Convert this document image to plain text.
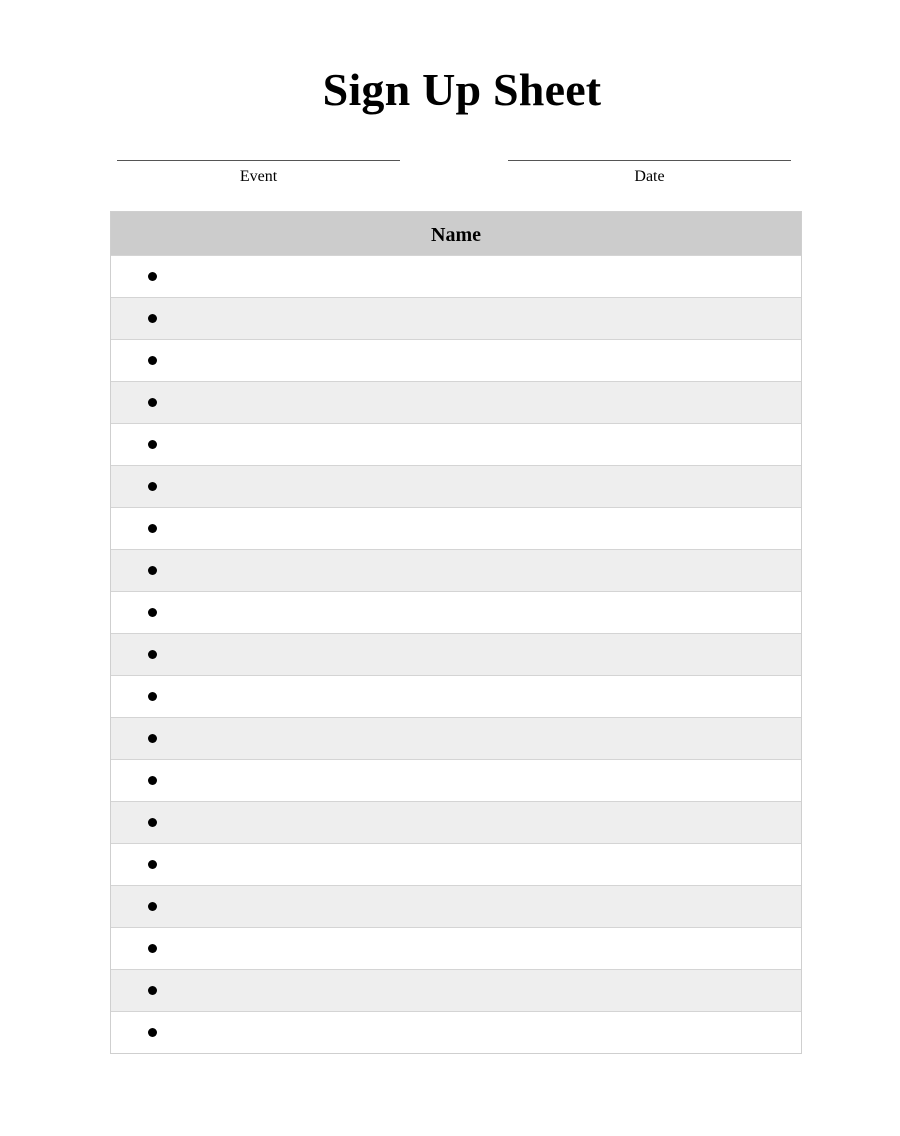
Sign Up Sheet
Event	Date
Name
